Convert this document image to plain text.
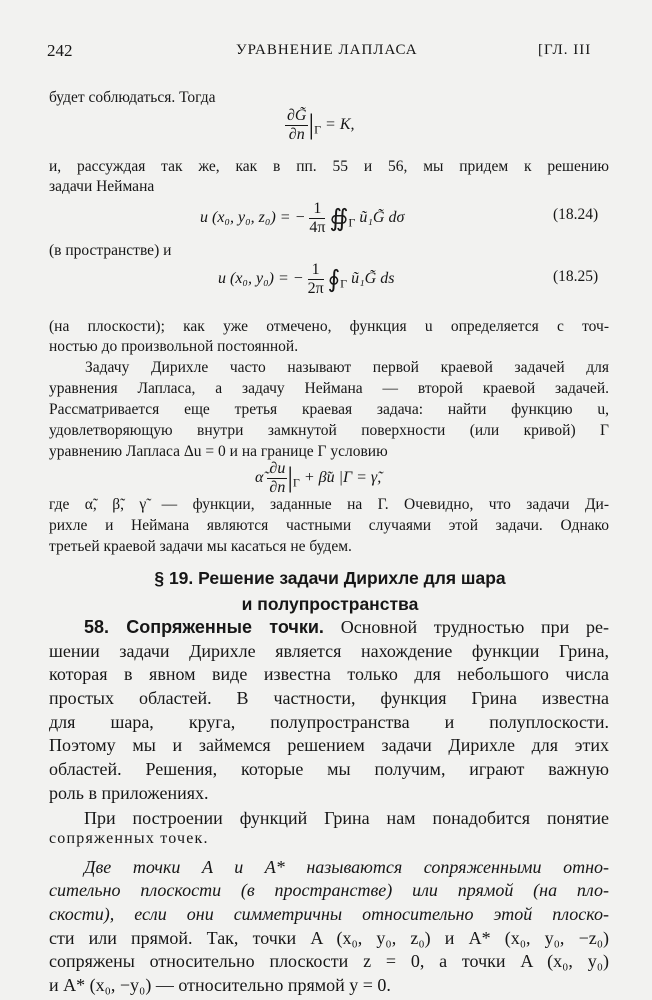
242	УРАВНЕНИЕ ЛАПЛАСА	[ГЛ. III
будет соблюдаться. Тогда
$\frac{\partial G̃}{\partial n} |_\Gamma = K$,
и, рассуждая так же, как в пп. 55 и 56, мы придем к решению
задачи Неймана
u (x₀, y₀, z₀) = − $\frac{1}{4\pi}$ $∯_\Gamma$ ũ₁G̃ dσ	(18.24)
(в пространстве) и
u (x₀, y₀) = − $\frac{1}{2\pi}$ $∮_\Gamma$ ũ₁G̃ ds	(18.25)
(на плоскости); как уже отмечено, функция u определяется с точ-
ностью до произвольной постоянной.
Задачу Дирихле часто называют первой краевой задачей для
уравнения Лапласа, а задачу Неймана — второй краевой задачей.
Рассматривается еще третья краевая задача: найти функцию u,
удовлетворяющую внутри замкнутой поверхности (или кривой) Γ
уравнению Лапласа Δu = 0 и на границе Γ условию
α̃ $\frac{\partial u}{\partial n} |_\Gamma$ + β̃u |Γ = γ̃,
где α̃, β̃, γ̃ — функции, заданные на Γ. Очевидно, что задачи Ди-
рихле и Неймана являются частными случаями этой задачи. Однако
третьей краевой задачи мы касаться не будем.
§ 19. Решение задачи Дирихле для шара
и полупространства
58. Сопряженные точки. Основной трудностью при ре-
шении задачи Дирихле является нахождение функции Грина,
которая в явном виде известна только для небольшого числа
простых областей. В частности, функция Грина известна
для шара, круга, полупространства и полуплоскости.
Поэтому мы и займемся решением задачи Дирихле для этих
областей. Решения, которые мы получим, играют важную
роль в приложениях.
При построении функций Грина нам понадобится понятие
сопряженных точек.
Две точки A и A* называются сопряженными отно-
сительно плоскости (в пространстве) или прямой (на пло-
скости), если они симметричны относительно этой плоско-
сти или прямой. Так, точки A (x₀, y₀, z₀) и A* (x₀, y₀, −z₀)
сопряжены относительно плоскости z = 0, а точки A (x₀, y₀)
и A* (x₀, −y₀) — относительно прямой y = 0.
